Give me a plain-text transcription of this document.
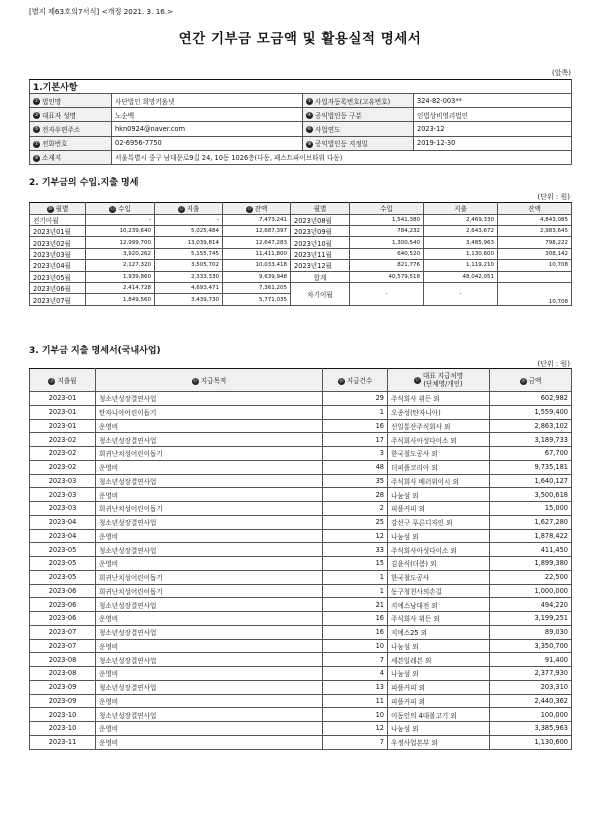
[별지 제63호의7서식] <개정 2021. 3. 16.>
연간 기부금 모금액 및 활용실적 명세서
(앞쪽)
1.기본사항			
① 법인명	사단법인 희망키움넷	② 사업자등록번호(고유번호)	324-82-003**
③ 대표자 성명	노순백	④ 공익법인등 구분	인법상비영리법인
⑤ 전자우편주소	hkn0924@naver.com	⑥ 사업연도	2023-12
⑦ 전화번호	02-6956-7750	⑧ 공익법인등 지정일	2019-12-30
⑨ 소재지	서울특별시 중구 남대문로9길 24, 10동 1026층(다동, 패스트파이브타워 다동)		
2. 기부금의 수입.지출 명세
(단위 : 원)
⑩ 월별	⑪ 수입	⑫ 지출	⑬ 잔액	월별	수입	지출	잔액
전기이월	-	-	7,473,241	2023년08월	1,541,380	2,469,330	4,843,085
2023년01월	10,239,640	5,025,484	12,687,397	2023년09월	784,232	2,643,672	2,983,645
2023년02월	12,999,700	13,039,814	12,647,283	2023년10월	1,300,540	3,485,963	798,222
2023년03월	3,920,262	5,155,745	11,411,800	2023년11월	640,520	1,130,600	308,142
2023년04월	2,127,320	3,505,702	10,033,418	2023년12월	821,776	1,119,210	10,708
2023년05월	1,939,860	2,333,330	9,639,948	합계	40,579,518	48,042,051	
2023년06월	2,414,728	4,693,471	7,361,205	차기이월	-	-	10,708
2023년07월	1,849,560	3,439,730	5,771,035				
3. 기부금 지출 명세서(국내사업)
(단위 : 원)
⑪ 지출월	⑮ 지급목적	⑯ 지급건수	⑰ 대표 지급처명
(단체명/개인)	⑱ 금액
2023-01	청소년성장결연사업	29	주식회사 위든 외	602,982
2023-01	탄자니아어린이돕기	1	오종성(탄자니아)	1,559,400
2023-01	운영비	16	선일통산주식회사 외	2,863,102
2023-02	청소년성장결연사업	17	주식회사아성다이소 외	3,189,733
2023-02	희귀난치성어린이돕기	3	한국철도공사 외	67,700
2023-02	운영비	48	더피플코리아 외	9,735,181
2023-03	청소년성장결연사업	35	주식회사 베러위이시 외	1,640,127
2023-03	운영비	28	나눔섬 외	3,500,618
2023-03	희귀난치성어린이돕기	2	피플커피 외	15,000
2023-04	청소년성장결연사업	25	강선구 푸른디자인 외	1,627,280
2023-04	운영비	12	나눔섬 외	1,878,422
2023-05	청소년성장결연사업	33	주식회사아성다이소 외	411,450
2023-05	운영비	15	김윤식(더봄) 외	1,899,380
2023-05	희귀난치성어린이돕기	1	한국철도공사	22,500
2023-06	희귀난치성어린이돕기	1	동구청천사의손길	1,000,000
2023-06	청소년성장결연사업	21	지에스낭대전 외	494,220
2023-06	운영비	16	주식회사 위든 외	3,199,251
2023-07	청소년성장결연사업	16	지에스25 외	89,030
2023-07	운영비	10	나눔섬 외	3,350,700
2023-08	청소년성장결연사업	7	세븐일레븐 외	91,400
2023-08	운영비	4	나눔섬 외	2,377,930
2023-09	청소년성장결연사업	13	피플커피 외	203,310
2023-09	운영비	11	피플커피 외	2,440,362
2023-10	청소년성장결연사업	10	이동인의 4대볼고기 외	100,000
2023-10	운영비	12	나눔섬 외	3,385,963
2023-11	운영비	7	우정사업본부 외	1,130,600
